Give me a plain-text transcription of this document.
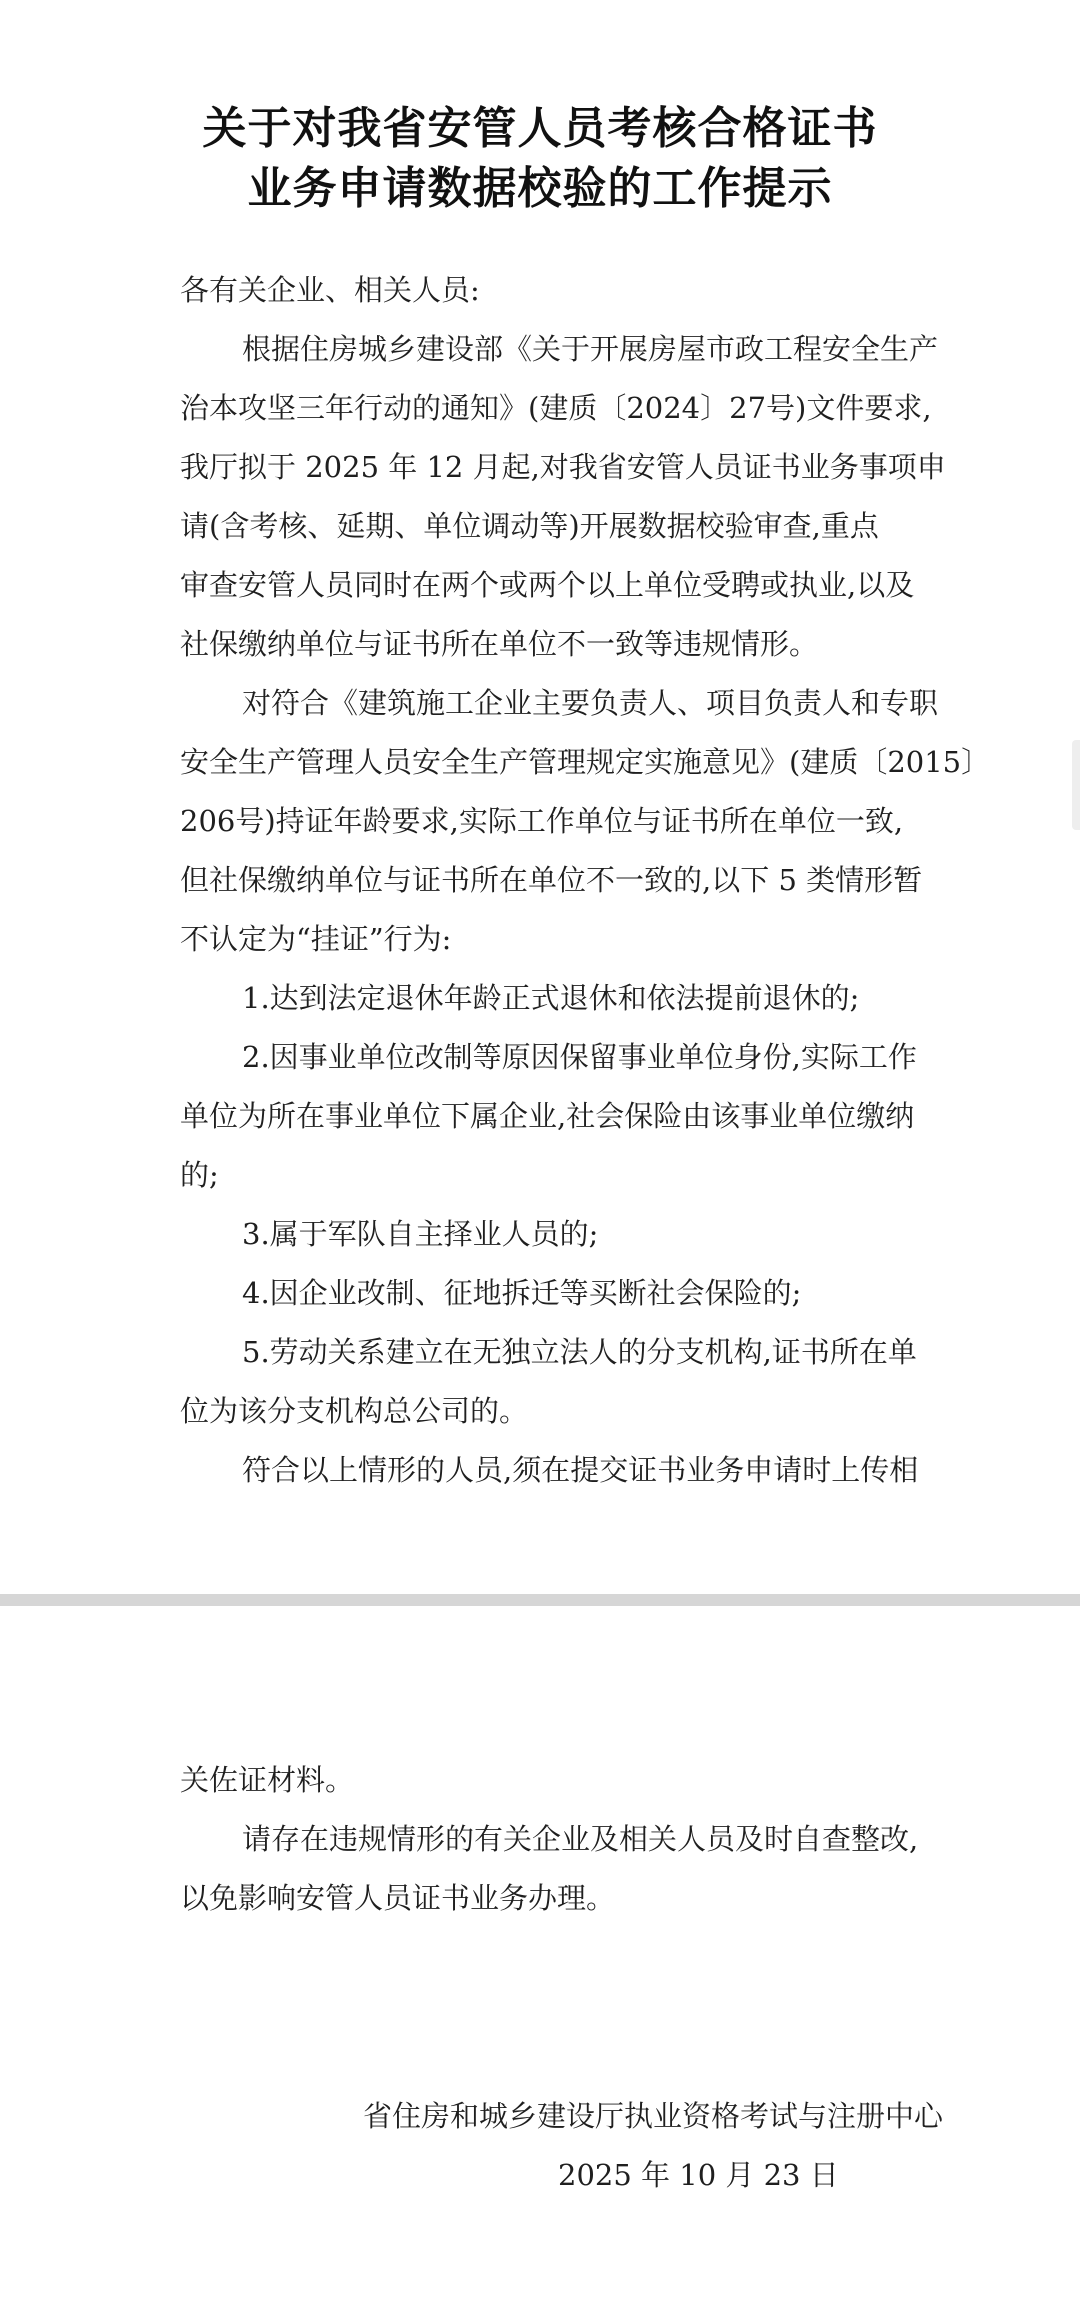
关于对我省安管人员考核合格证书
业务申请数据校验的工作提示
各有关企业、相关人员:
根据住房城乡建设部《关于开展房屋市政工程安全生产
治本攻坚三年行动的通知》(建质〔2024〕27号)文件要求,
我厅拟于 2025 年 12 月起,对我省安管人员证书业务事项申
请(含考核、延期、单位调动等)开展数据校验审查,重点
审查安管人员同时在两个或两个以上单位受聘或执业,以及
社保缴纳单位与证书所在单位不一致等违规情形。
对符合《建筑施工企业主要负责人、项目负责人和专职
安全生产管理人员安全生产管理规定实施意见》(建质〔2015〕
206号)持证年龄要求,实际工作单位与证书所在单位一致,
但社保缴纳单位与证书所在单位不一致的,以下 5 类情形暂
不认定为“挂证”行为:
1.达到法定退休年龄正式退休和依法提前退休的;
2.因事业单位改制等原因保留事业单位身份,实际工作
单位为所在事业单位下属企业,社会保险由该事业单位缴纳
的;
3.属于军队自主择业人员的;
4.因企业改制、征地拆迁等买断社会保险的;
5.劳动关系建立在无独立法人的分支机构,证书所在单
位为该分支机构总公司的。
符合以上情形的人员,须在提交证书业务申请时上传相
关佐证材料。
请存在违规情形的有关企业及相关人员及时自查整改,
以免影响安管人员证书业务办理。
省住房和城乡建设厅执业资格考试与注册中心
2025 年 10 月 23 日
